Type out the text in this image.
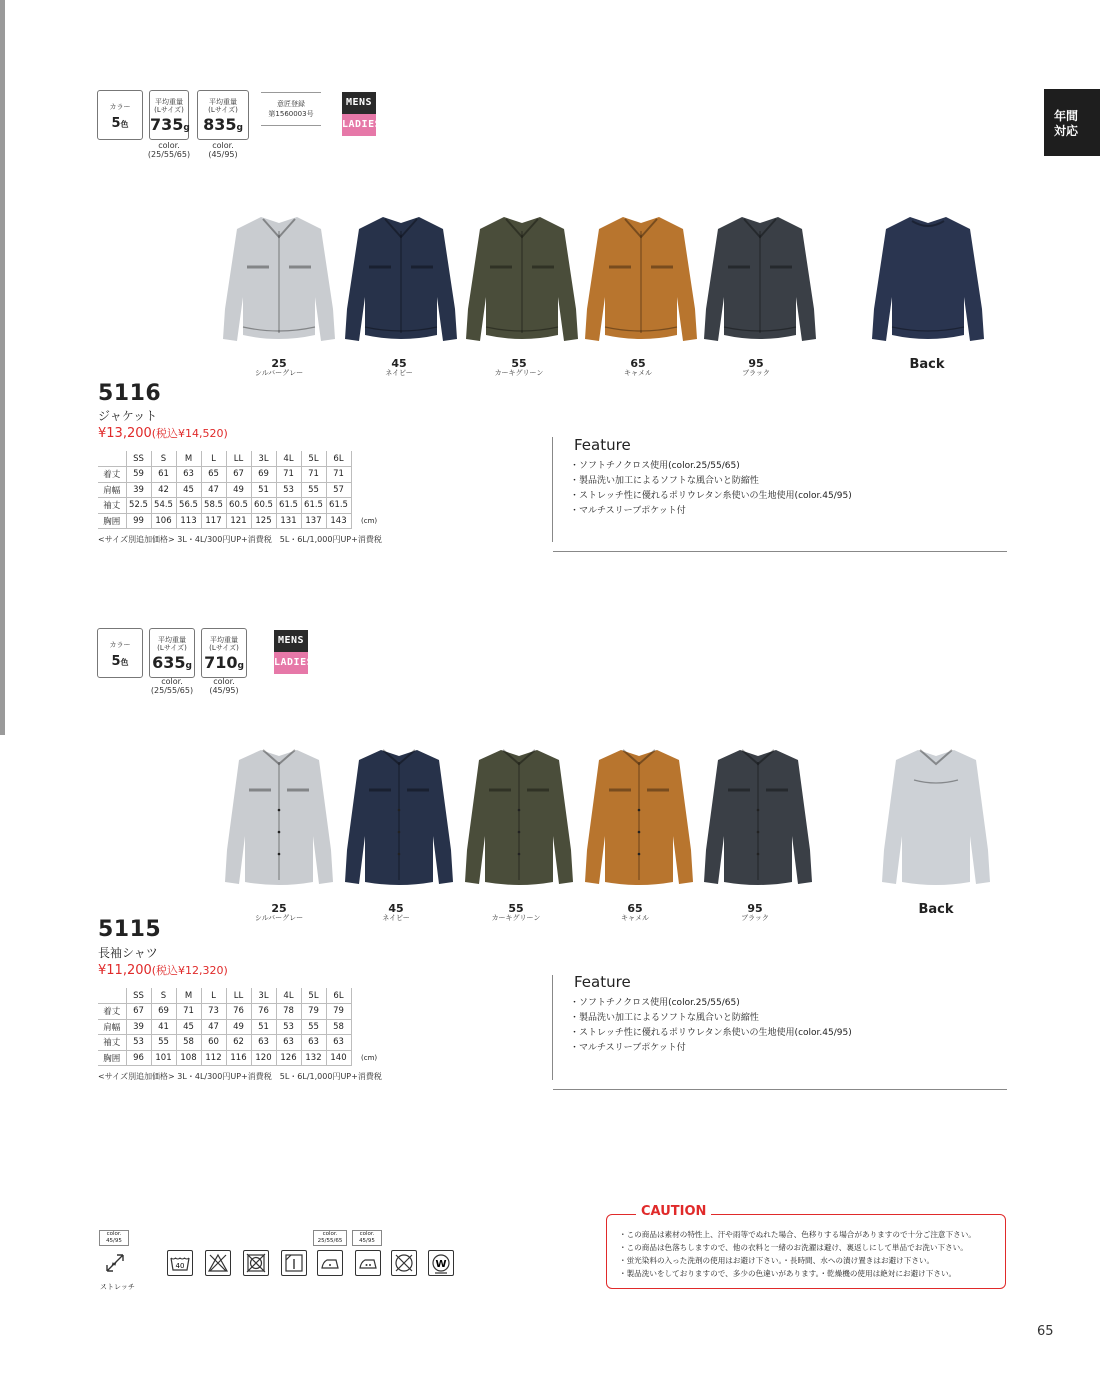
年間
対応
カラー
5色
平均重量
(Lサイズ)
735g
平均重量
(Lサイズ)
835g
color.
(25/55/65)
color.
(45/95)
意匠登録
第1560003号
MENS
LADIES
25
シルバーグレー
45
ネイビー
55
カーキグリーン
65
キャメル
95
ブラック
Back
5116
ジャケット
¥13,200(税込¥14,520)
	SS	S	M	L	LL	3L	4L	5L	6L
着丈	59	61	63	65	67	69	71	71	71
肩幅	39	42	45	47	49	51	53	55	57
袖丈	52.5	54.5	56.5	58.5	60.5	60.5	61.5	61.5	61.5
胸囲	99	106	113	117	121	125	131	137	143 (cm)
<サイズ別追加価格> 3L・4L/300円UP+消費税　5L・6L/1,000円UP+消費税
Feature
・ソフトチノクロス使用(color.25/55/65)
・製品洗い加工によるソフトな風合いと防縮性
・ストレッチ性に優れるポリウレタン糸使いの生地使用(color.45/95)
・マルチスリーブポケット付
カラー
5色
平均重量
(Lサイズ)
635g
平均重量
(Lサイズ)
710g
color.
(25/55/65)
color.
(45/95)
MENS
LADIES
25
シルバーグレー
45
ネイビー
55
カーキグリーン
65
キャメル
95
ブラック
Back
5115
長袖シャツ
¥11,200(税込¥12,320)
	SS	S	M	L	LL	3L	4L	5L	6L
着丈	67	69	71	73	76	76	78	79	79
肩幅	39	41	45	47	49	51	53	55	58
袖丈	53	55	58	60	62	63	63	63	63
胸囲	96	101	108	112	116	120	126	132	140 (cm)
<サイズ別追加価格> 3L・4L/300円UP+消費税　5L・6L/1,000円UP+消費税
Feature
・ソフトチノクロス使用(color.25/55/65)
・製品洗い加工によるソフトな風合いと防縮性
・ストレッチ性に優れるポリウレタン糸使いの生地使用(color.45/95)
・マルチスリーブポケット付
color.
45/95
ストレッチ
color.
25/55/65
color.
45/95
40	W
・ この商品は素材の特性上、汗や雨等でぬれた場合、色移りする場合がありますので十分ご注意下さい。
・ この商品は色落ちしますので、他の衣料と一緒のお洗濯は避け、裏返しにして単品でお洗い下さい。
・ 蛍光染料の入った洗剤の使用はお避け下さい。・長時間、水への漬け置きはお避け下さい。
・ 製品洗いをしておりますので、多少の色違いがあります。・乾燥機の使用は絶対にお避け下さい。
CAUTION
65
